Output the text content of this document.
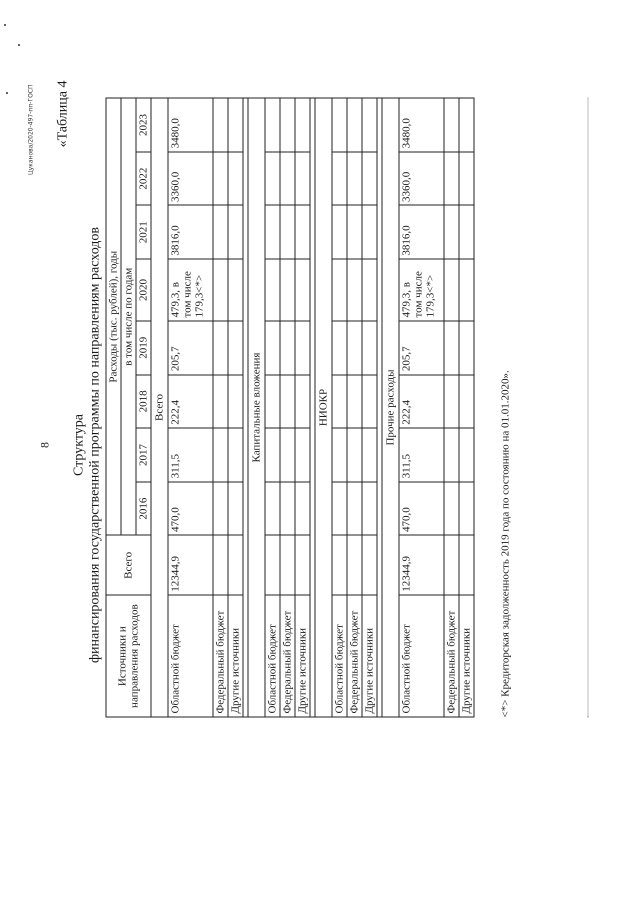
8
«Таблица 4
Цуканова/2020-497-пп-ГОСП
Структура финансирования государственной программы по направлениям расходов Источники и направления расходов	Всего	Расходы (тыс. рублей), годы							
		в том числе по годам							
		2016	2017	2018	2019	2020	2021	2022	2023
Всего									
Областной бюджет	12344,9	470,0	311,5	222,4	205,7	479,3, в том числе 179,3<*>	3816,0	3360,0	3480,0
Федеральный бюджет									
Другие источники									

Капитальные вложения									
Областной бюджет									
Федеральный бюджет									
Другие источники									

НИОКР									
Областной бюджет									
Федеральный бюджет									
Другие источники									

Прочие расходы									
Областной бюджет	12344,9	470,0	311,5	222,4	205,7	479,3, в том числе 179,3<*>	3816,0	3360,0	3480,0
Федеральный бюджет									
Другие источники									<*> Кредиторская задолженность 2019 года по состоянию на 01.01.2020».
